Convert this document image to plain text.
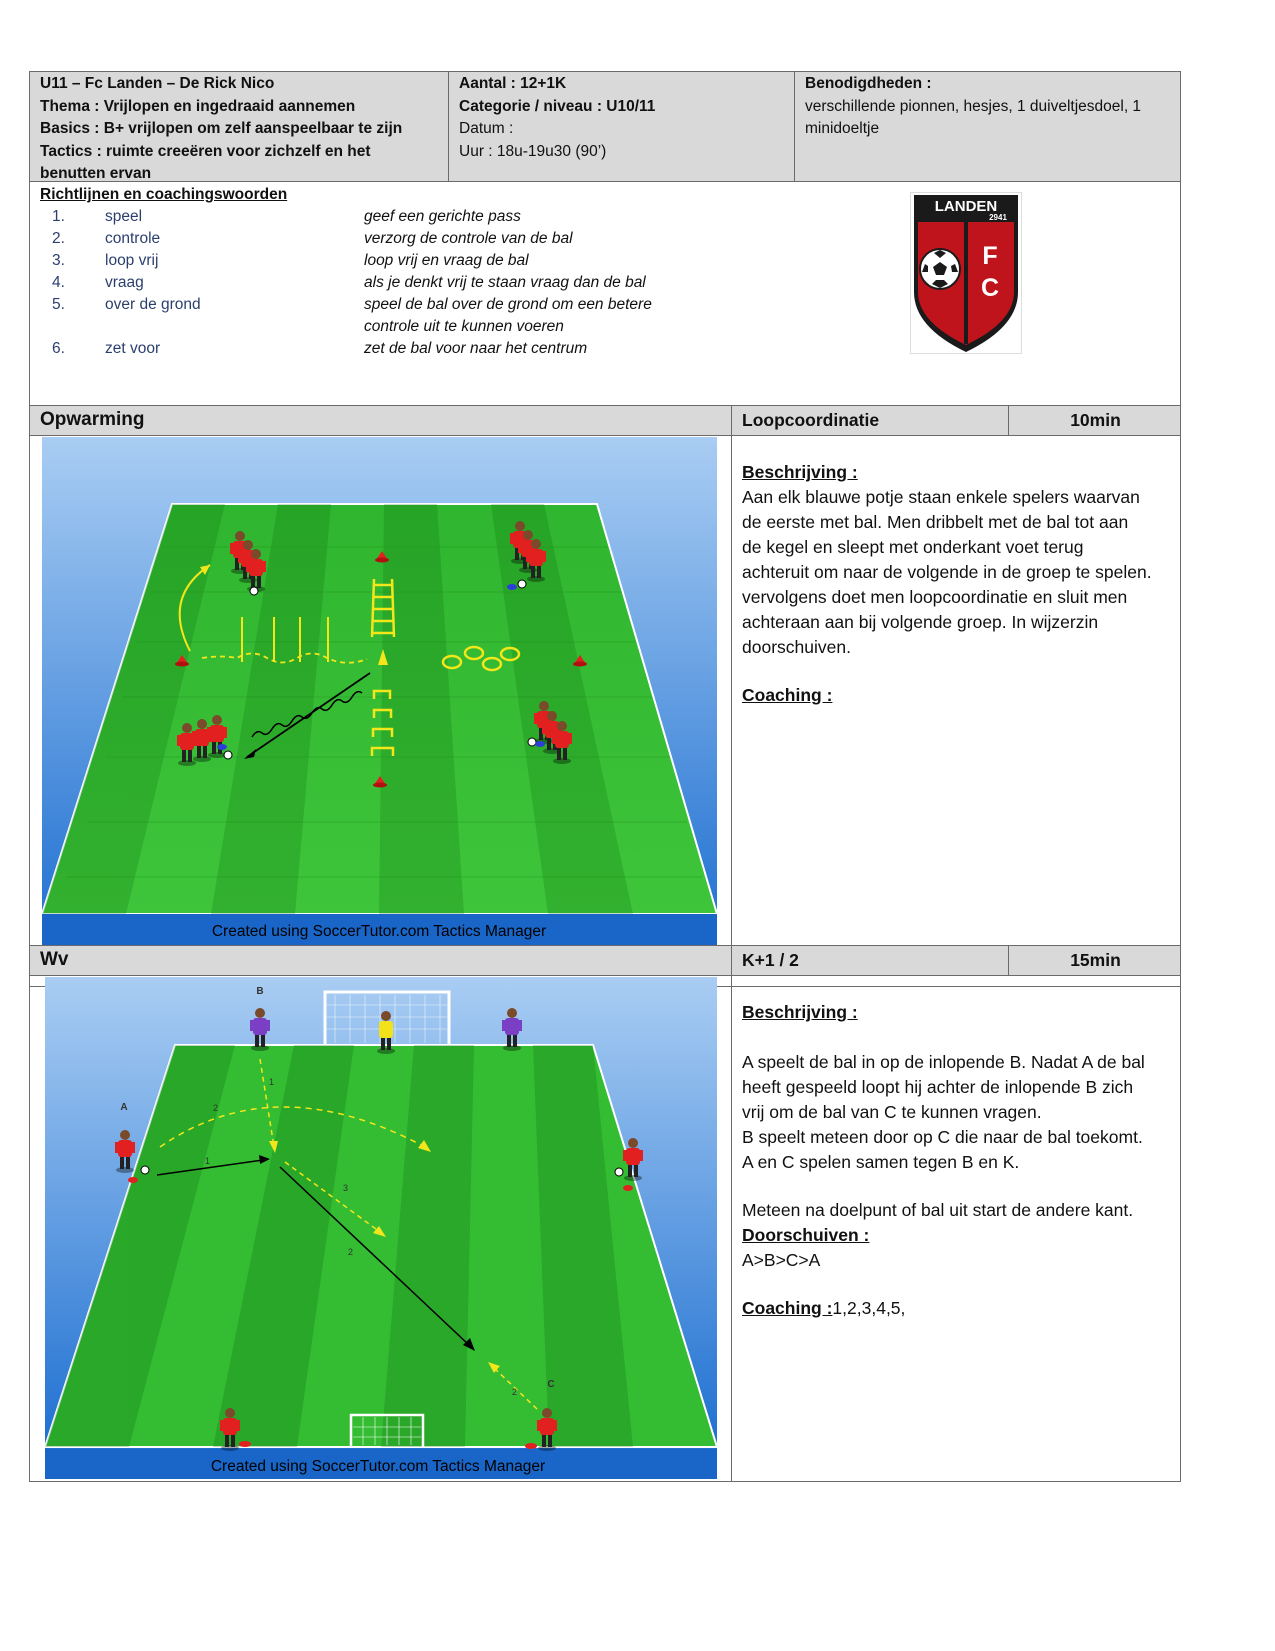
U11 – Fc Landen – De Rick Nico
Thema : Vrijlopen en ingedraaid aannemen
Basics : B+ vrijlopen om zelf aanspeelbaar te zijn
Tactics : ruimte creeëren voor zichzelf en het
benutten ervan
Aantal : 12+1K
Categorie / niveau : U10/11
Datum :
Uur : 18u-19u30 (90’)
Benodigdheden :
verschillende pionnen, hesjes, 1 duiveltjesdoel, 1
minidoeltje
Richtlijnen en coachingswoorden
1.	speel	geef een gerichte pass
2.	controle	verzorg de controle van de bal
3.	loop vrij	loop vrij en vraag de bal
4.	vraag	als je denkt vrij te staan vraag dan de bal
5.	over de grond	speel de bal over de grond om een betere
controle uit te kunnen voeren
6.	zet voor	zet de bal voor naar het centrum
LANDEN
2941
F
C
Opwarming	Loopcoordinatie	10min
Beschrijving :
Aan elk blauwe potje staan enkele spelers waarvan
de eerste met bal. Men dribbelt met de bal tot aan
de kegel en sleept met onderkant voet terug
achteruit om naar de volgende in de groep te spelen.
vervolgens doet men loopcoordinatie en sluit men
achteraan aan bij volgende groep. In wijzerzin
doorschuiven.
Coaching :
Created using SoccerTutor.com Tactics Manager
Wv	K+1 / 2	15min
Beschrijving :
A speelt de bal in op de inlopende B. Nadat A de bal
heeft gespeeld loopt hij achter de inlopende B zich
vrij om de bal van C te kunnen vragen.
B speelt meteen door op C die naar de bal toekomt.
A en C spelen samen tegen B en K.
Meteen na doelpunt of bal uit start de andere kant.
Doorschuiven :
A>B>C>A
Coaching :1,2,3,4,5,
Created using SoccerTutor.com Tactics Manager
B
A
C
1
1
2
2
3
2
